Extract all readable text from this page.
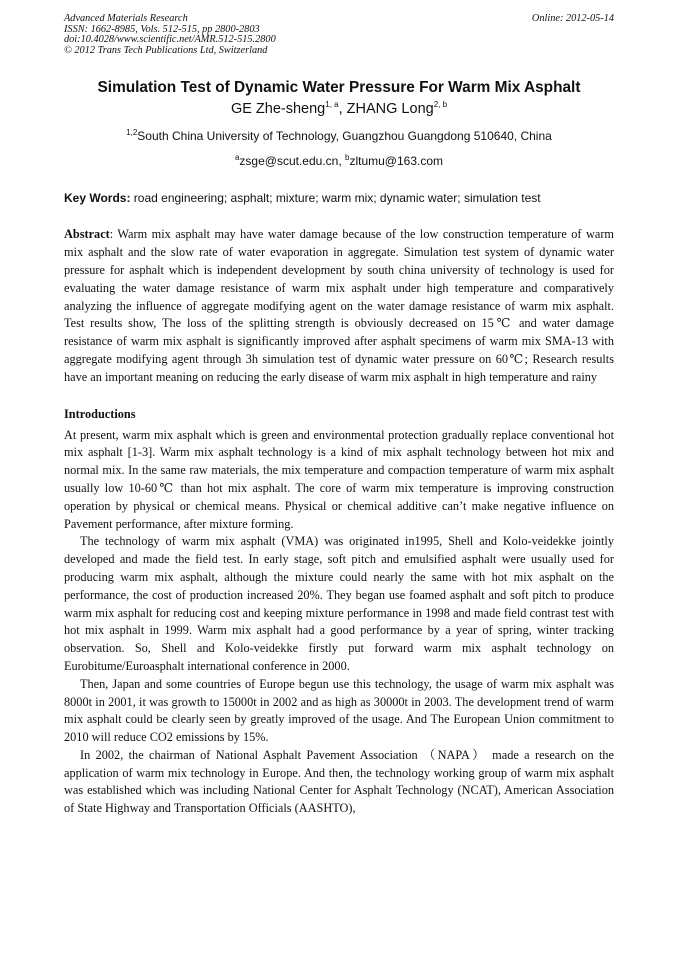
Advanced Materials Research
ISSN: 1662-8985, Vols. 512-515, pp 2800-2803
doi:10.4028/www.scientific.net/AMR.512-515.2800
© 2012 Trans Tech Publications Ltd, Switzerland
Online: 2012-05-14
Simulation Test of Dynamic Water Pressure For Warm Mix Asphalt
GE Zhe-sheng$^{1, a}$, ZHANG Long$^{2, b}$
$^{1,2}$South China University of Technology, Guangzhou Guangdong 510640, China
$^a$zsge@scut.edu.cn, $^b$zltumu@163.com
Key Words: road engineering; asphalt; mixture; warm mix; dynamic water; simulation test

Abstract: Warm mix asphalt may have water damage because of the low construction temperature of warm mix asphalt and the slow rate of water evaporation in aggregate. Simulation test system of dynamic water pressure for asphalt which is independent development by south china university of technology is used for evaluating the water damage resistance of warm mix asphalt under high temperature and comparatively analyzing the influence of aggregate modifying agent on the water damage resistance of warm mix asphalt. Test results show, The loss of the splitting strength is obviously decreased on 15℃ and water damage resistance of warm mix asphalt is significantly improved after asphalt specimens of warm mix SMA-13 with aggregate modifying agent through 3h simulation test of dynamic water pressure on 60℃; Research results have an important meaning on reducing the early disease of warm mix asphalt in high temperature and rainy

Introductions

At present, warm mix asphalt which is green and environmental protection gradually replace conventional hot mix asphalt [1-3]. Warm mix asphalt technology is a kind of mix asphalt technology between hot mix and normal mix. In the same raw materials, the mix temperature and compaction temperature of warm mix asphalt usually low 10-60℃ than hot mix asphalt. The core of warm mix temperature is improving construction operation by physical or chemical means. Physical or chemical additive can’t make negative influence on Pavement performance, after mixture forming.

The technology of warm mix asphalt (VMA) was originated in1995, Shell and Kolo-veidekke jointly developed and made the field test. In early stage, soft pitch and emulsified asphalt were usually used for producing warm mix asphalt, although the mixture could nearly the same with hot mix asphalt on the performance, the cost of production increased 20%. They began use foamed asphalt and soft pitch to produce warm mix asphalt for reducing cost and keeping mixture performance in 1998 and made field contrast test with hot mix asphalt in 1999. Warm mix asphalt had a good performance by a year of spring, winter tracking observation. So, Shell and Kolo-veidekke firstly put forward warm mix asphalt technology on Eurobitume/Euroasphalt international conference in 2000.

Then, Japan and some countries of Europe begun use this technology, the usage of warm mix asphalt was 8000t in 2001, it was growth to 15000t in 2002 and as high as 30000t in 2003. The development trend of warm mix asphalt could be clearly seen by greatly improved of the usage. And The European Union commitment to 2010 will reduce CO2 emissions by 15%.

In 2002, the chairman of National Asphalt Pavement Association （NAPA） made a research on the application of warm mix technology in Europe. And then, the technology working group of warm mix asphalt was established which was including National Center for Asphalt Technology (NCAT), American Association of State Highway and Transportation Officials (AASHTO),
